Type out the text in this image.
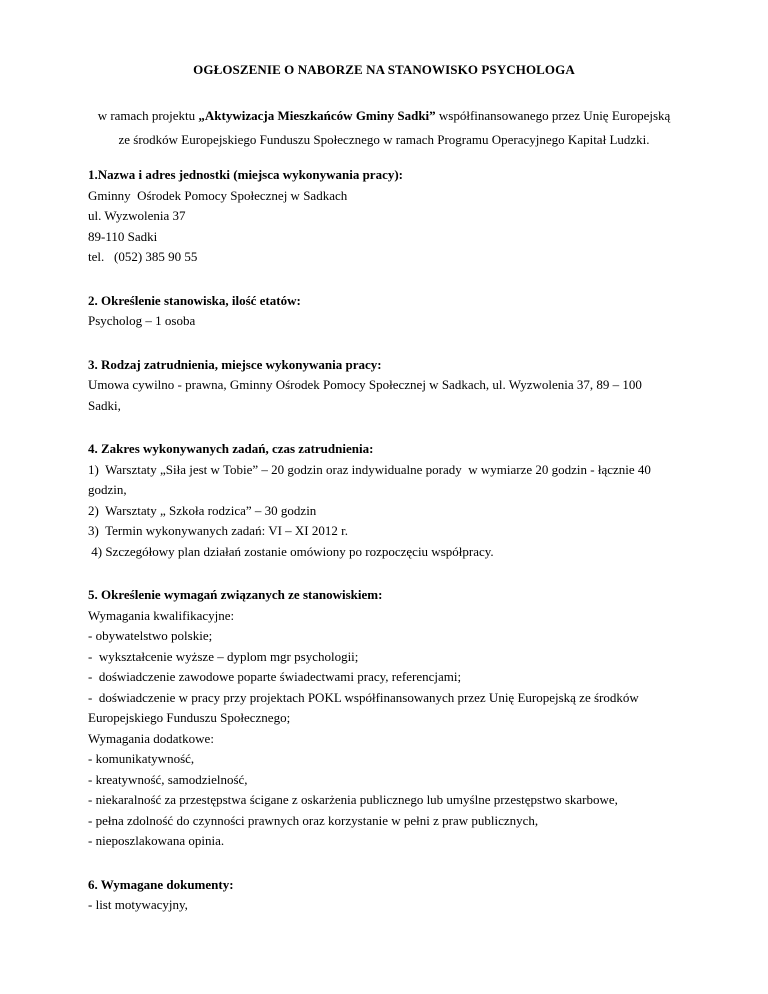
OGŁOSZENIE O NABORZE NA STANOWISKO PSYCHOLOGA
w ramach projektu „Aktywizacja Mieszkańców Gminy Sadki” współfinansowanego przez Unię Europejską
ze środków Europejskiego Funduszu Społecznego w ramach Programu Operacyjnego Kapitał Ludzki.
1.Nazwa i adres jednostki (miejsca wykonywania pracy):
Gminny  Ośrodek Pomocy Społecznej w Sadkach
ul. Wyzwolenia 37
89-110 Sadki
tel.   (052) 385 90 55
2. Określenie stanowiska, ilość etatów:
Psycholog – 1 osoba
3. Rodzaj zatrudnienia, miejsce wykonywania pracy:
Umowa cywilno - prawna, Gminny Ośrodek Pomocy Społecznej w Sadkach, ul. Wyzwolenia 37, 89 – 100
Sadki,
4. Zakres wykonywanych zadań, czas zatrudnienia:
1)  Warsztaty „Siła jest w Tobie” – 20 godzin oraz indywidualne porady  w wymiarze 20 godzin - łącznie 40
godzin,
2)  Warsztaty „ Szkoła rodzica” – 30 godzin
3)  Termin wykonywanych zadań: VI – XI 2012 r.
4) Szczegółowy plan działań zostanie omówiony po rozpoczęciu współpracy.
5. Określenie wymagań związanych ze stanowiskiem:
Wymagania kwalifikacyjne:
- obywatelstwo polskie;
-  wykształcenie wyższe – dyplom mgr psychologii;
-  doświadczenie zawodowe poparte świadectwami pracy, referencjami;
-  doświadczenie w pracy przy projektach POKL współfinansowanych przez Unię Europejską ze środków
Europejskiego Funduszu Społecznego;
Wymagania dodatkowe:
- komunikatywność,
- kreatywność, samodzielność,
- niekaralność za przestępstwa ścigane z oskarżenia publicznego lub umyślne przestępstwo skarbowe,
- pełna zdolność do czynności prawnych oraz korzystanie w pełni z praw publicznych,
- nieposzlakowana opinia.
6. Wymagane dokumenty:
- list motywacyjny,
